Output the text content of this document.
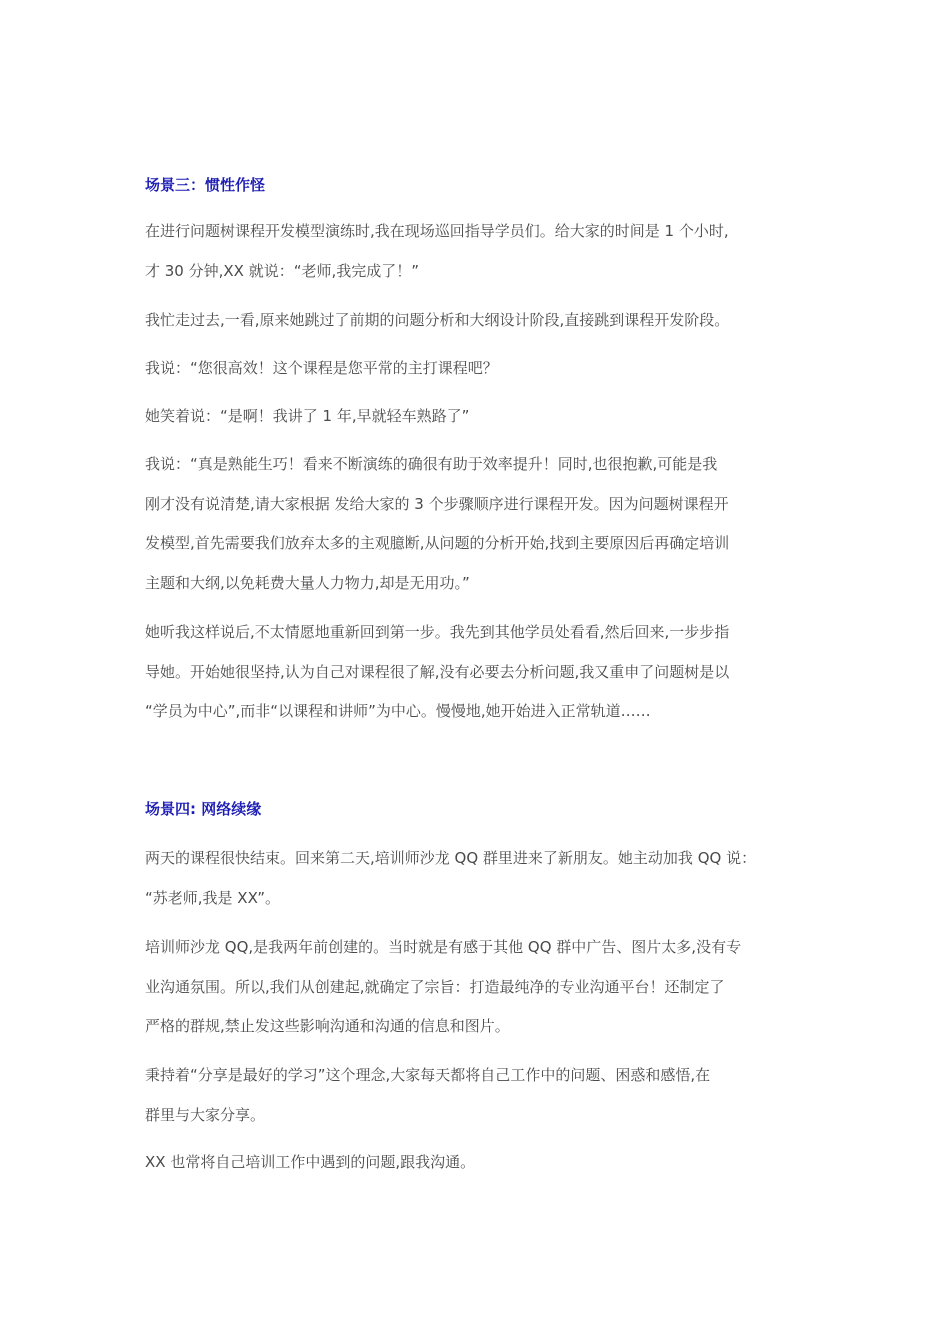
场景三：惯性作怪
在进行问题树课程开发模型演练时,我在现场巡回指导学员们。给大家的时间是 1 个小时,
才 30 分钟,XX 就说：“老师,我完成了！”
我忙走过去,一看,原来她跳过了前期的问题分析和大纲设计阶段,直接跳到课程开发阶段。
我说：“您很高效！这个课程是您平常的主打课程吧？
她笑着说：“是啊！我讲了 1 年,早就轻车熟路了”
我说：“真是熟能生巧！看来不断演练的确很有助于效率提升！同时,也很抱歉,可能是我
刚才没有说清楚,请大家根据 发给大家的 3 个步骤顺序进行课程开发。因为问题树课程开
发模型,首先需要我们放弃太多的主观臆断,从问题的分析开始,找到主要原因后再确定培训
主题和大纲,以免耗费大量人力物力,却是无用功。”
她听我这样说后,不太情愿地重新回到第一步。我先到其他学员处看看,然后回来,一步步指
导她。开始她很坚持,认为自己对课程很了解,没有必要去分析问题,我又重申了问题树是以
“学员为中心”,而非“以课程和讲师”为中心。慢慢地,她开始进入正常轨道……
场景四: 网络续缘
两天的课程很快结束。回来第二天,培训师沙龙 QQ 群里进来了新朋友。她主动加我 QQ 说：
“苏老师,我是 XX”。
培训师沙龙 QQ,是我两年前创建的。当时就是有感于其他 QQ 群中广告、图片太多,没有专
业沟通氛围。所以,我们从创建起,就确定了宗旨：打造最纯净的专业沟通平台！还制定了
严格的群规,禁止发这些影响沟通和沟通的信息和图片。
秉持着“分享是最好的学习”这个理念,大家每天都将自己工作中的问题、困惑和感悟,在
群里与大家分享。
XX 也常将自己培训工作中遇到的问题,跟我沟通。
